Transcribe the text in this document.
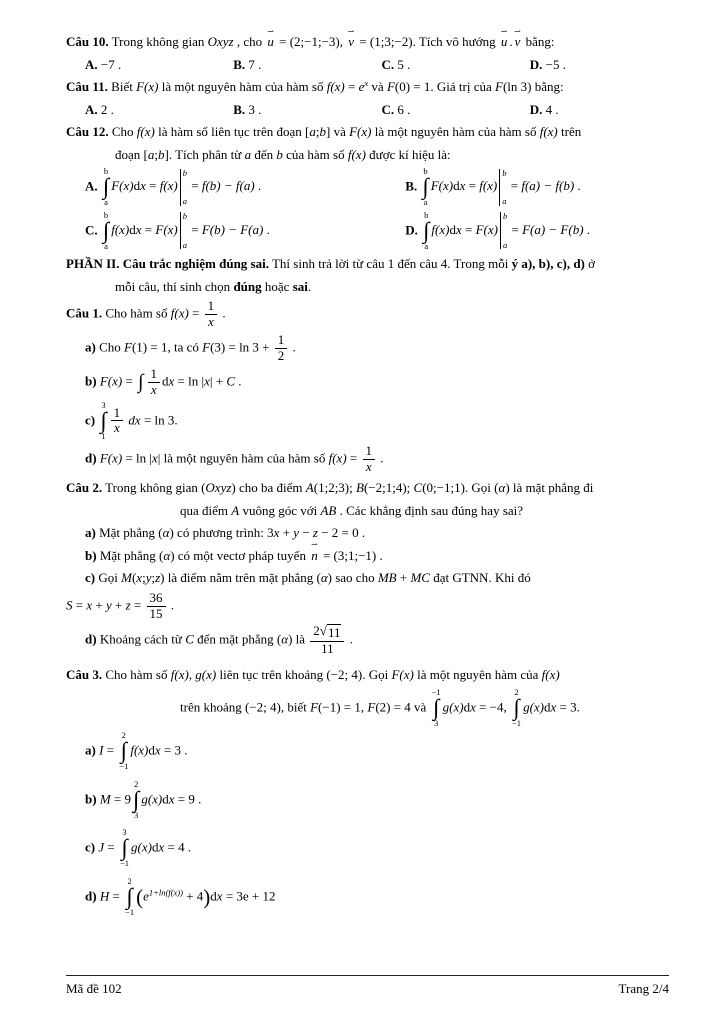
Câu 10. Trong không gian Oxyz , cho
⇀
u = (2;−1;−3),
⇀
v = (1;3;−2). Tích vô hướng
⇀
u .
⇀
v bằng:
A. −7 .	B. 7 .	C. 5 .	D. −5 .
Câu 11. Biết F(x) là một nguyên hàm của hàm số $f(x) = e^x$ và F(0) = 1. Giá trị của F(ln 3) bằng:
A. 2 .	B. 3 .	C. 6 .	D. 4 .
Câu 12. Cho f(x) là hàm số liên tục trên đoạn [a;b] và F(x) là một nguyên hàm của hàm số f(x) trên
đoạn [a;b]. Tích phân từ a đến b của hàm số f(x) được kí hiệu là:
A.
b
∫
a
F(x)dx = f(x)
b
a
= f(b) − f(a) .	B.
b
∫
a
F(x)dx = f(x)
b
a
= f(a) − f(b) .
C.
b
∫
a
f(x)dx = F(x)
b
a
= F(b) − F(a) .	D.
b
∫
a
f(x)dx = F(x)
b
a
= F(a) − F(b) .
PHẦN II. Câu trắc nghiệm đúng sai. Thí sinh trả lời từ câu 1 đến câu 4. Trong mỗi ý a), b), c), d) ở
mỗi câu, thí sinh chọn đúng hoặc sai.
Câu 1. Cho hàm số $f(x) = \frac{1}{x}$ .
a) Cho F(1) = 1, ta có $F(3) = \ln 3 + \frac{1}{2}$ .
b) F(x) = ∫ $\frac{1}{x}$ dx = ln |x| + C .
c)
3
∫
$1 \frac{1}{x}$ dx = ln 3.
d) F(x) = ln |x| là một nguyên hàm của hàm số $f(x) = \frac{1}{x}$ .
Câu 2. Trong không gian (Oxyz) cho ba điểm A(1;2;3); B(−2;1;4); C(0;−1;1). Gọi (α) là mặt phẳng đi
qua điểm A vuông góc với AB . Các khẳng định sau đúng hay sai?
a) Mặt phẳng (α) có phương trình: 3x + y − z − 2 = 0 .
b) Mặt phẳng (α) có một vectơ pháp tuyến
⇀
n = (3;1;−1) .
c) Gọi M(x;y;z) là điểm nằm trên mặt phẳng (α) sao cho MB + MC đạt GTNN. Khi đó
$S = x + y + z = \frac{36}{15}$ .
d) Khoảng cách từ C đến mặt phẳng (α) là $\frac{2 √ 11}{11}$ .
Câu 3. Cho hàm số f(x), g(x) liên tục trên khoảng (−2; 4). Gọi F(x) là một nguyên hàm của f(x)
trên khoảng (−2; 4), biết F(−1) = 1, F(2) = 4 và
−1
∫
3
g(x)dx = −4,
2
∫
−1
g(x)dx = 3.
a) I =
2
∫
−1
f(x)dx = 3 .
b) M = 9
2
∫
3
g(x)dx = 9 .
c) J =
3
∫
−1
g(x)dx = 4 .
d) H =
2
∫
−1
$(e^{1+ln(f(x))} + 4)dx = 3e + 12$
Mã đề 102	Trang 2/4
